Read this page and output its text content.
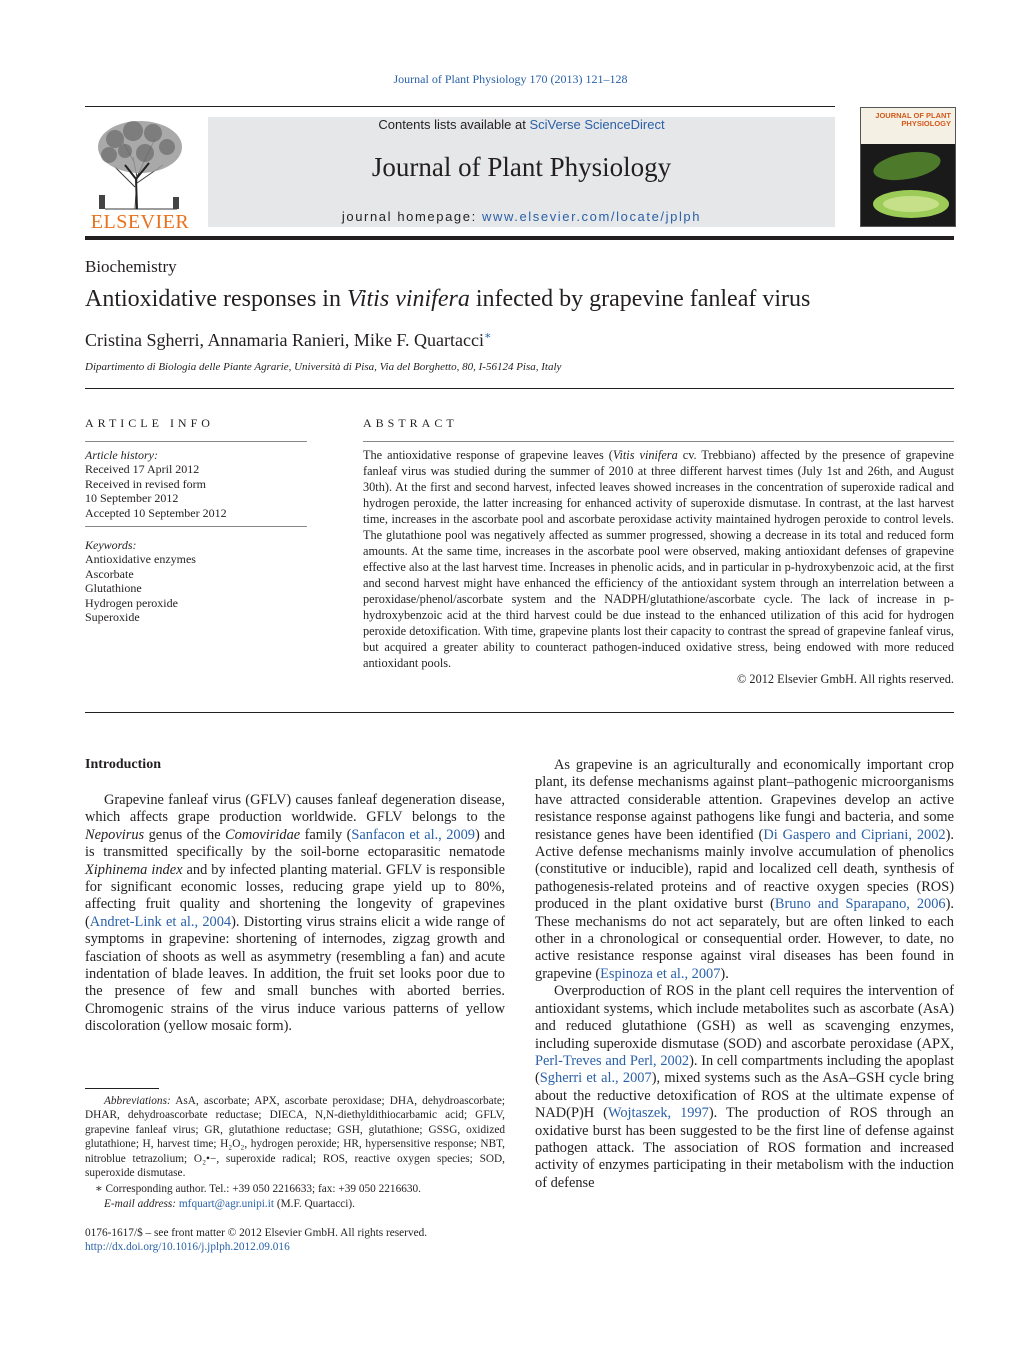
Journal of Plant Physiology 170 (2013) 121–128
ELSEVIER
Contents lists available at SciVerse ScienceDirect
Journal of Plant Physiology
journal homepage: www.elsevier.com/locate/jplph
JOURNAL OF PLANT PHYSIOLOGY
Biochemistry
Antioxidative responses in Vitis vinifera infected by grapevine fanleaf virus
Cristina Sgherri, Annamaria Ranieri, Mike F. Quartacci∗
Dipartimento di Biologia delle Piante Agrarie, Università di Pisa, Via del Borghetto, 80, I-56124 Pisa, Italy
ARTICLE INFO
Article history:
Received 17 April 2012
Received in revised form
10 September 2012
Accepted 10 September 2012
Keywords:
Antioxidative enzymes
Ascorbate
Glutathione
Hydrogen peroxide
Superoxide
ABSTRACT
The antioxidative response of grapevine leaves (Vitis vinifera cv. Trebbiano) affected by the presence of grapevine fanleaf virus was studied during the summer of 2010 at three different harvest times (July 1st and 26th, and August 30th). At the first and second harvest, infected leaves showed increases in the concentration of superoxide radical and hydrogen peroxide, the latter increasing for enhanced activity of superoxide dismutase. In contrast, at the last harvest time, increases in the ascorbate pool and ascorbate peroxidase activity maintained hydrogen peroxide to control levels. The glutathione pool was negatively affected as summer progressed, showing a decrease in its total and reduced form amounts. At the same time, increases in the ascorbate pool were observed, making antioxidant defenses of grapevine effective also at the last harvest time. Increases in phenolic acids, and in particular in p-hydroxybenzoic acid, at the first and second harvest might have enhanced the efficiency of the antioxidant system through an interrelation between a peroxidase/phenol/ascorbate system and the NADPH/glutathione/ascorbate cycle. The lack of increase in p-hydroxybenzoic acid at the third harvest could be due instead to the enhanced utilization of this acid for hydrogen peroxide detoxification. With time, grapevine plants lost their capacity to contrast the spread of grapevine fanleaf virus, but acquired a greater ability to counteract pathogen-induced oxidative stress, being endowed with more reduced antioxidant pools.
© 2012 Elsevier GmbH. All rights reserved.
Introduction

Grapevine fanleaf virus (GFLV) causes fanleaf degeneration disease, which affects grape production worldwide. GFLV belongs to the Nepovirus genus of the Comoviridae family (Sanfacon et al., 2009) and is transmitted specifically by the soil-borne ectoparasitic nematode Xiphinema index and by infected planting material. GFLV is responsible for significant economic losses, reducing grape yield up to 80%, affecting fruit quality and shortening the longevity of grapevines (Andret-Link et al., 2004). Distorting virus strains elicit a wide range of symptoms in grapevine: shortening of internodes, zigzag growth and fasciation of shoots as well as asymmetry (resembling a fan) and acute indentation of blade leaves. In addition, the fruit set looks poor due to the presence of few and small bunches with aborted berries. Chromogenic strains of the virus induce various patterns of yellow discoloration (yellow mosaic form).

As grapevine is an agriculturally and economically important crop plant, its defense mechanisms against plant–pathogenic microorganisms have attracted considerable attention. Grapevines develop an active resistance response against pathogens like fungi and bacteria, and some resistance genes have been identified (Di Gaspero and Cipriani, 2002). Active defense mechanisms mainly involve accumulation of phenolics (constitutive or inducible), rapid and localized cell death, synthesis of pathogenesis-related proteins and of reactive oxygen species (ROS) produced in the plant oxidative burst (Bruno and Sparapano, 2006). These mechanisms do not act separately, but are often linked to each other in a chronological or consequential order. However, to date, no active resistance response against viral diseases has been found in grapevine (Espinoza et al., 2007).

Overproduction of ROS in the plant cell requires the intervention of antioxidant systems, which include metabolites such as ascorbate (AsA) and reduced glutathione (GSH) as well as scavenging enzymes, including superoxide dismutase (SOD) and ascorbate peroxidase (APX, Perl-Treves and Perl, 2002). In cell compartments including the apoplast (Sgherri et al., 2007), mixed systems such as the AsA–GSH cycle bring about the reductive detoxification of ROS at the ultimate expense of NAD(P)H (Wojtaszek, 1997). The production of ROS through an oxidative burst has been suggested to be the first line of defense against pathogen attack. The association of ROS formation and increased activity of enzymes participating in their metabolism with the induction of defense

Abbreviations: AsA, ascorbate; APX, ascorbate peroxidase; DHA, dehydroascorbate; DHAR, dehydroascorbate reductase; DIECA, N,N-diethyldithiocarbamic acid; GFLV, grapevine fanleaf virus; GR, glutathione reductase; GSH, glutathione; GSSG, oxidized glutathione; H, harvest time; H₂O₂, hydrogen peroxide; HR, hypersensitive response; NBT, nitroblue tetrazolium; O₂•−, superoxide radical; ROS, reactive oxygen species; SOD, superoxide dismutase.
∗ Corresponding author. Tel.: +39 050 2216633; fax: +39 050 2216630.
E-mail address: mfquart@agr.unipi.it (M.F. Quartacci).
0176-1617/$ – see front matter © 2012 Elsevier GmbH. All rights reserved.
http://dx.doi.org/10.1016/j.jplph.2012.09.016
